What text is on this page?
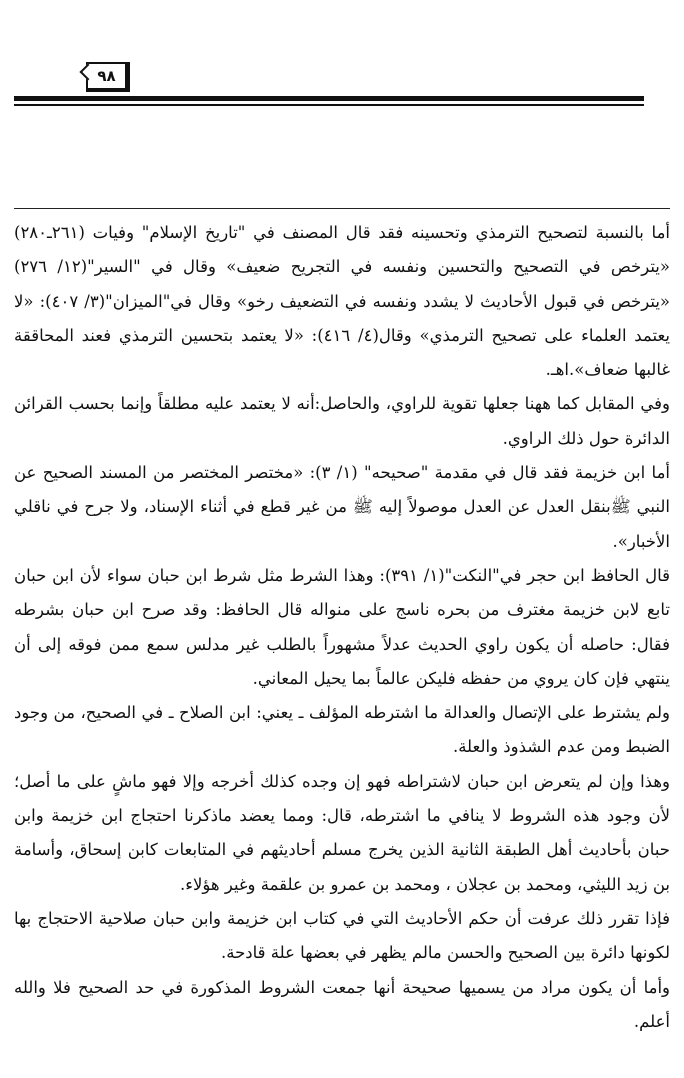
٩٨

أما بالنسبة لتصحيح الترمذي وتحسينه فقد قال المصنف في "تاريخ الإسلام" وفيات (٢٦١ـ٢٨٠) «يترخص في التصحيح والتحسين ونفسه في التجريح ضعيف» وقال في "السير"(١٢/ ٢٧٦) «يترخص في قبول الأحاديث لا يشدد ونفسه في التضعيف رخو» وقال في"الميزان"(٣/ ٤٠٧): «لا يعتمد العلماء على تصحيح الترمذي» وقال(٤/ ٤١٦): «لا يعتمد بتحسين الترمذي فعند المحاققة غالبها ضعاف».اهـ.

وفي المقابل كما ههنا جعلها تقوية للراوي، والحاصل:أنه لا يعتمد عليه مطلقاً وإنما بحسب القرائن الدائرة حول ذلك الراوي.

أما ابن خزيمة فقد قال في مقدمة "صحيحه" (١/ ٣): «مختصر المختصر من المسند الصحيح عن النبي ﷺبنقل العدل عن العدل موصولاً إليه ﷺ من غير قطع في أثناء الإسناد، ولا جرح في ناقلي الأخبار».

قال الحافظ ابن حجر في"النكت"(١/ ٣٩١): وهذا الشرط مثل شرط ابن حبان سواء لأن ابن حبان تابع لابن خزيمة مغترف من بحره ناسج على منواله قال الحافظ: وقد صرح ابن حبان بشرطه فقال: حاصله أن يكون راوي الحديث عدلاً مشهوراً بالطلب غير مدلس سمع ممن فوقه إلى أن ينتهي فإن كان يروي من حفظه فليكن عالماً بما يحيل المعاني.

ولم يشترط على الإتصال والعدالة ما اشترطه المؤلف ـ يعني: ابن الصلاح ـ في الصحيح، من وجود الضبط ومن عدم الشذوذ والعلة.

وهذا وإن لم يتعرض ابن حبان لاشتراطه فهو إن وجده كذلك أخرجه وإلا فهو ماشٍ على ما أصل؛ لأن وجود هذه الشروط لا ينافي ما اشترطه، قال: ومما يعضد ماذكرنا احتجاج ابن خزيمة وابن حبان بأحاديث أهل الطبقة الثانية الذين يخرج مسلم أحاديثهم في المتابعات كابن إسحاق، وأسامة بن زيد الليثي، ومحمد بن عجلان ، ومحمد بن عمرو بن علقمة وغير هؤلاء.

فإذا تقرر ذلك عرفت أن حكم الأحاديث التي في كتاب ابن خزيمة وابن حبان صلاحية الاحتجاج بها لكونها دائرة بين الصحيح والحسن مالم يظهر في بعضها علة قادحة.

وأما أن يكون مراد من يسميها صحيحة أنها جمعت الشروط المذكورة في حد الصحيح فلا والله أعلم.
